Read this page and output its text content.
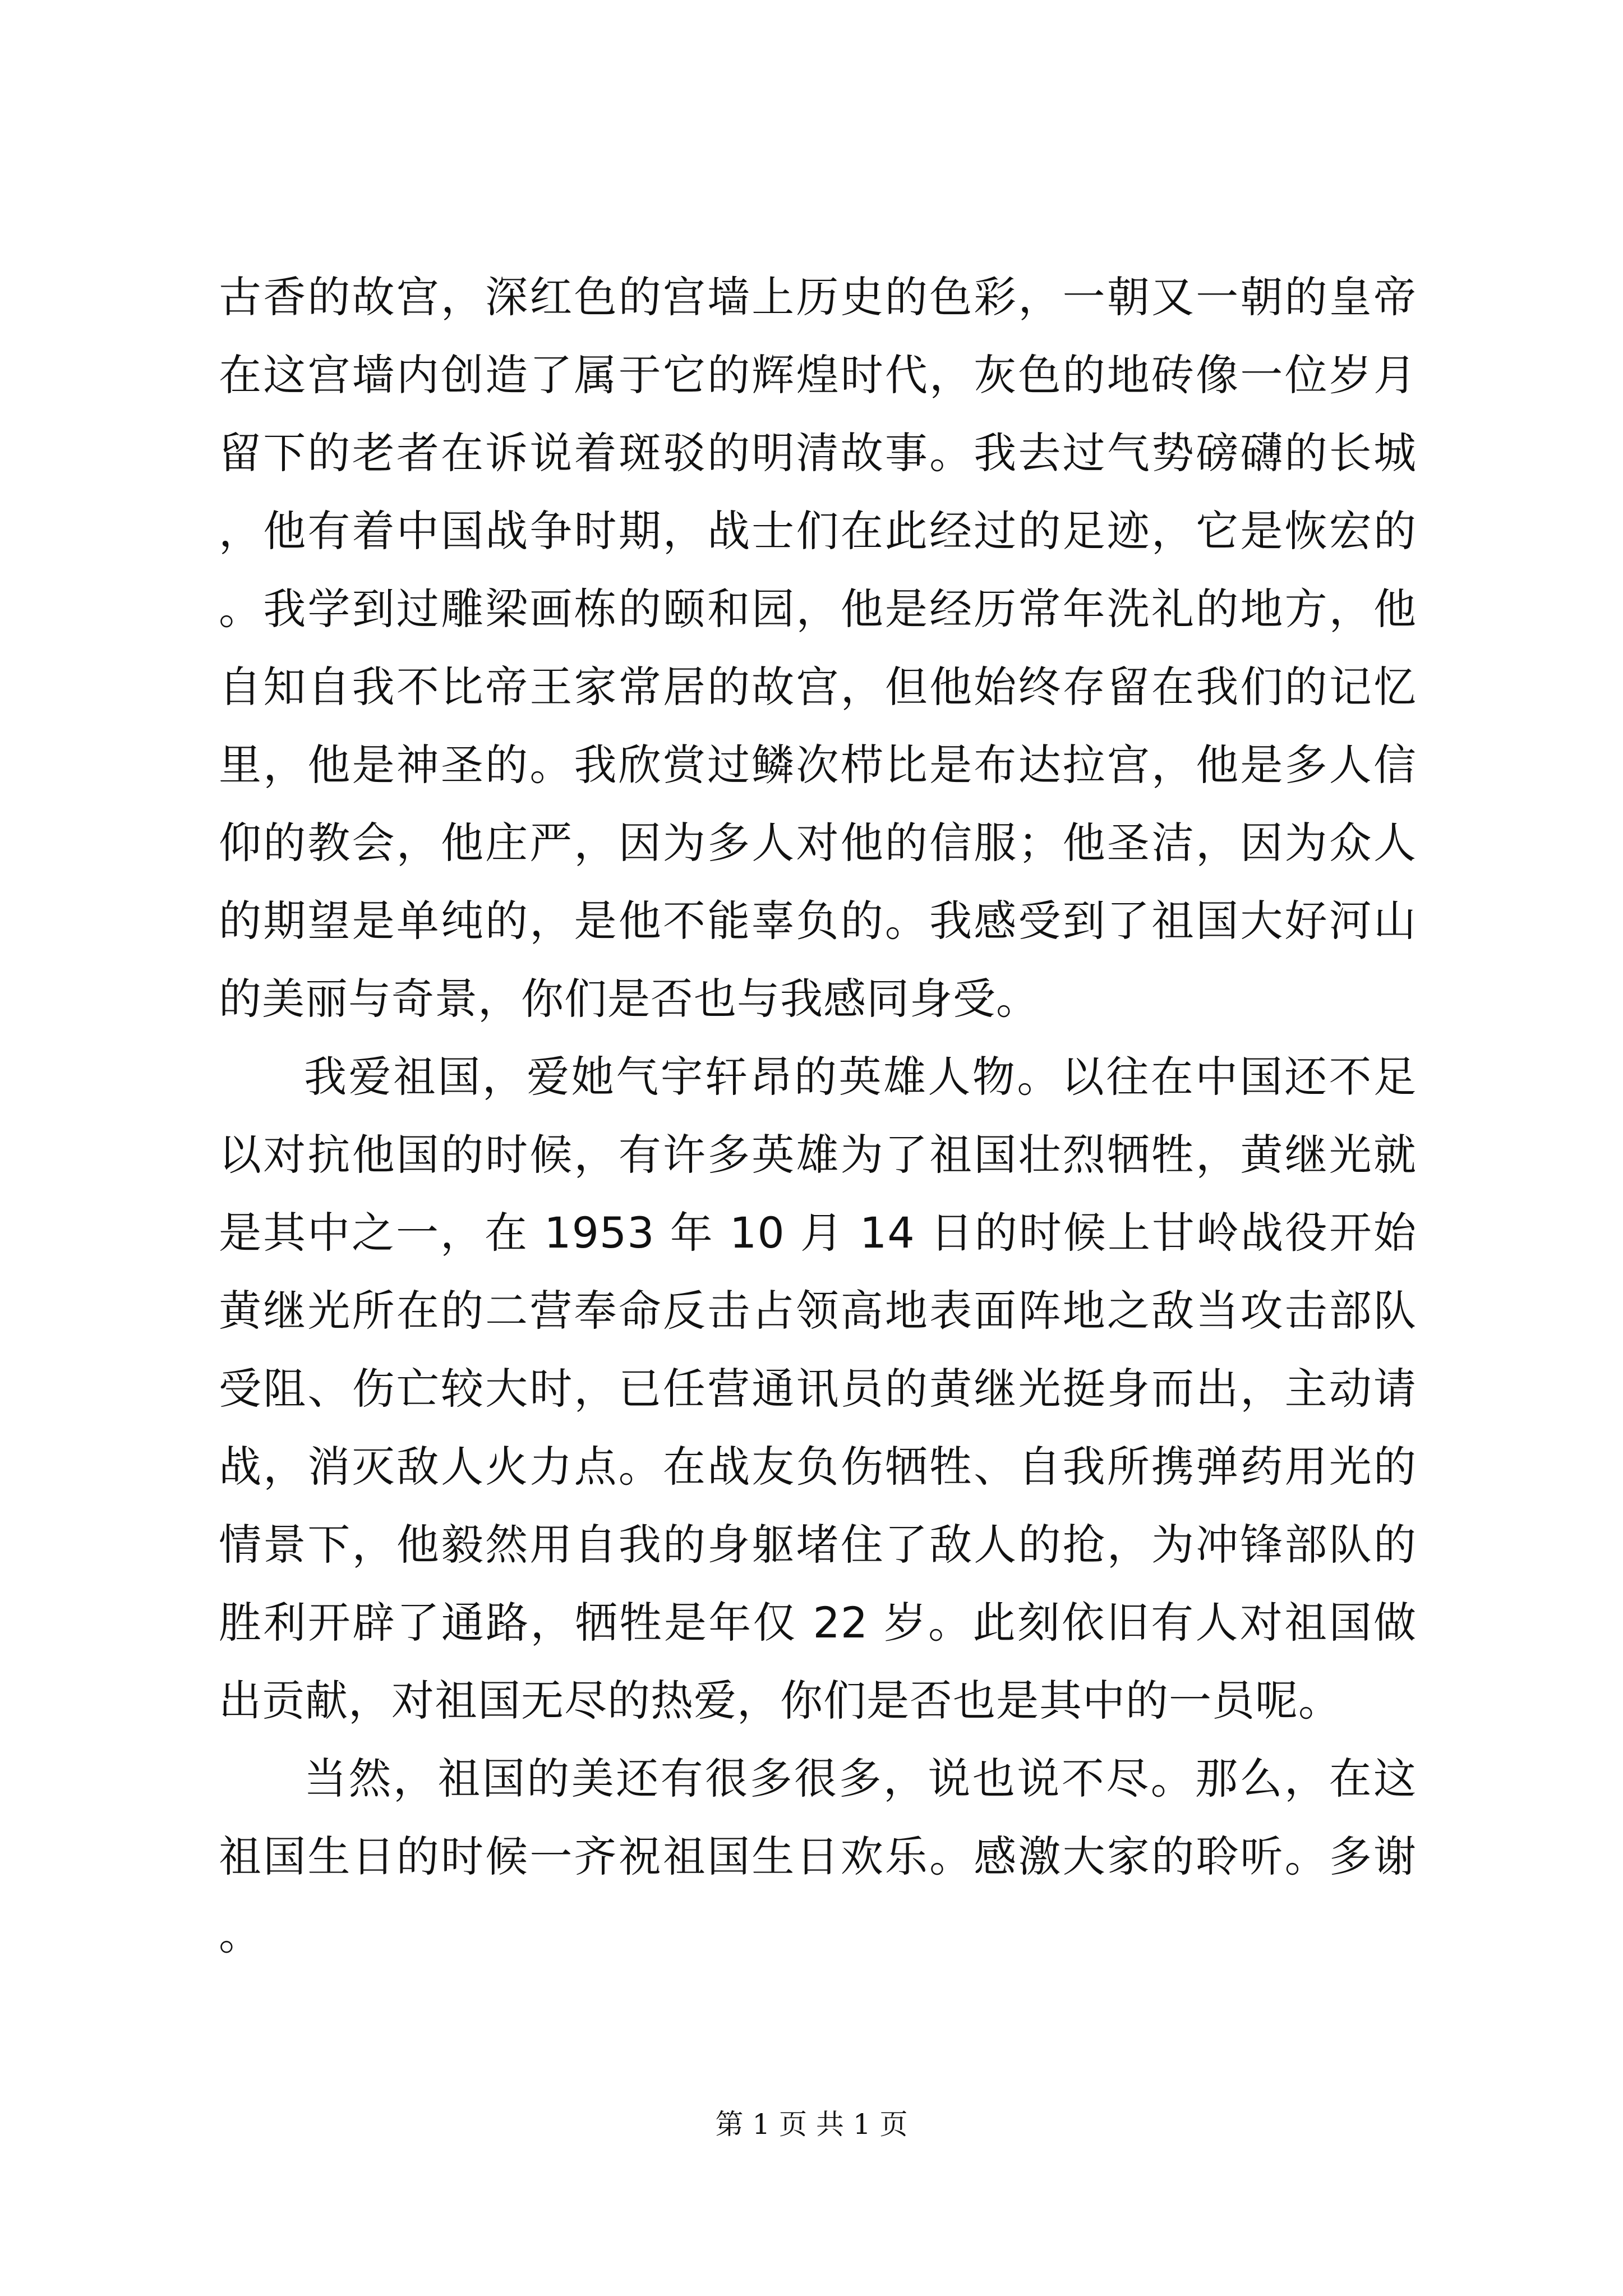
古香的故宫，深红色的宫墙上历史的色彩，一朝又一朝的皇帝在这宫墙内创造了属于它的辉煌时代，灰色的地砖像一位岁月留下的老者在诉说着斑驳的明清故事。我去过气势磅礴的长城，他有着中国战争时期，战士们在此经过的足迹，它是恢宏的。我学到过雕梁画栋的颐和园，他是经历常年洗礼的地方，他自知自我不比帝王家常居的故宫，但他始终存留在我们的记忆里，他是神圣的。我欣赏过鳞次栉比是布达拉宫，他是多人信仰的教会，他庄严，因为多人对他的信服；他圣洁，因为众人的期望是单纯的，是他不能辜负的。我感受到了祖国大好河山的美丽与奇景，你们是否也与我感同身受。

我爱祖国，爱她气宇轩昂的英雄人物。以往在中国还不足以对抗他国的时候，有许多英雄为了祖国壮烈牺牲，黄继光就是其中之一，在 1953 年 10 月 14 日的时候上甘岭战役开始黄继光所在的二营奉命反击占领高地表面阵地之敌当攻击部队受阻、伤亡较大时，已任营通讯员的黄继光挺身而出，主动请战，消灭敌人火力点。在战友负伤牺牲、自我所携弹药用光的情景下，他毅然用自我的身躯堵住了敌人的抢，为冲锋部队的胜利开辟了通路，牺牲是年仅 22 岁。此刻依旧有人对祖国做出贡献，对祖国无尽的热爱，你们是否也是其中的一员呢。

当然，祖国的美还有很多很多，说也说不尽。那么，在这祖国生日的时候一齐祝祖国生日欢乐。感激大家的聆听。多谢。

第 1 页 共 1 页
